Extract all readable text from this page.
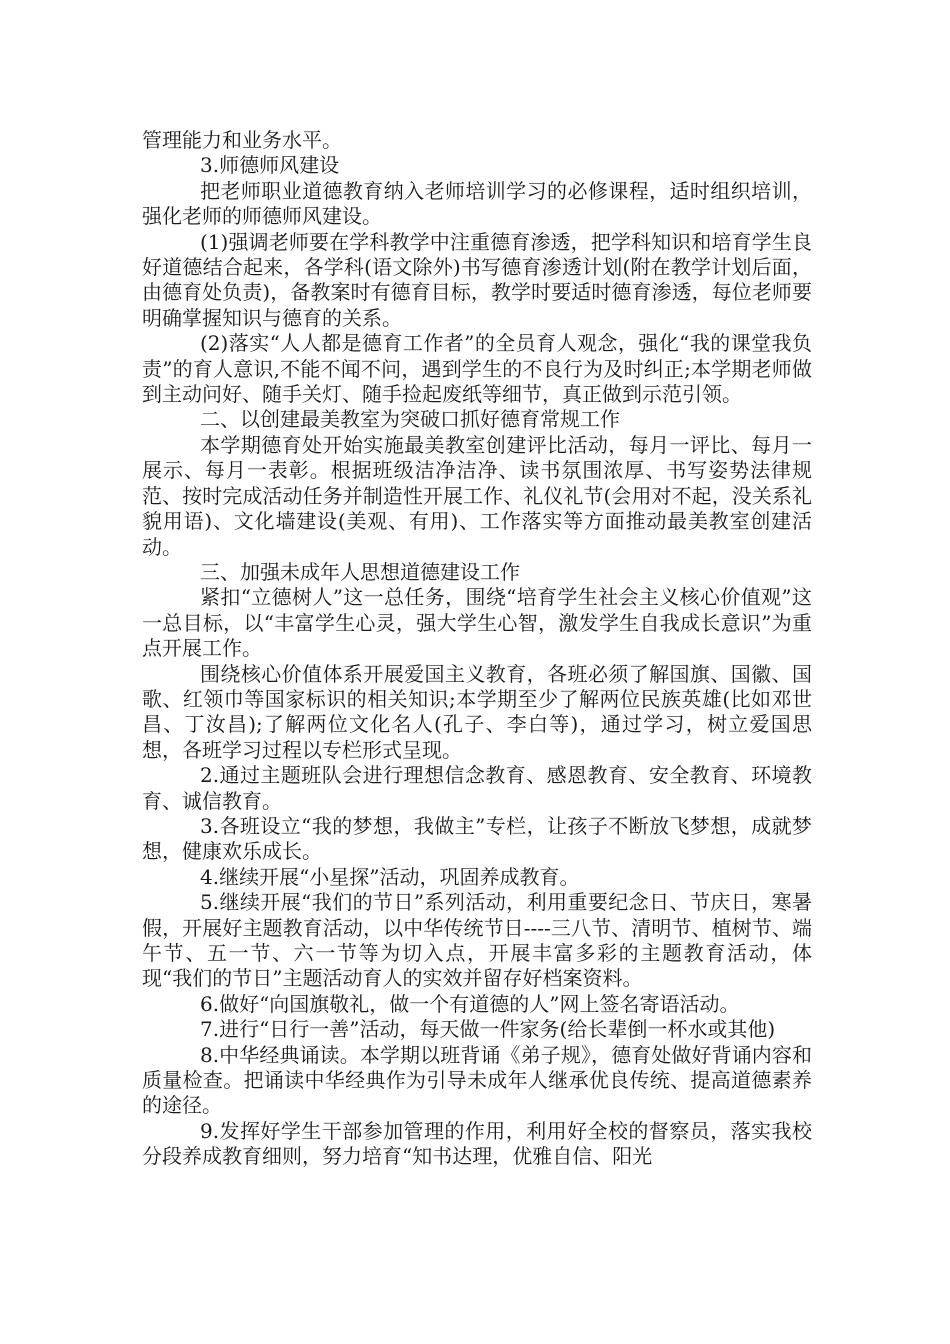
管理能力和业务水平。

3.师德师风建设

把老师职业道德教育纳入老师培训学习的必修课程，适时组织培训，强化老师的师德师风建设。

(1)强调老师要在学科教学中注重德育渗透，把学科知识和培育学生良好道德结合起来，各学科(语文除外)书写德育渗透计划(附在教学计划后面，由德育处负责)，备教案时有德育目标，教学时要适时德育渗透，每位老师要明确掌握知识与德育的关系。

(2)落实“人人都是德育工作者”的全员育人观念，强化“我的课堂我负责”的育人意识,不能不闻不问，遇到学生的不良行为及时纠正;本学期老师做到主动问好、随手关灯、随手捡起废纸等细节，真正做到示范引领。

二、以创建最美教室为突破口抓好德育常规工作

本学期德育处开始实施最美教室创建评比活动，每月一评比、每月一展示、每月一表彰。根据班级洁净洁净、读书氛围浓厚、书写姿势法律规范、按时完成活动任务并制造性开展工作、礼仪礼节(会用对不起，没关系礼貌用语)、文化墙建设(美观、有用)、工作落实等方面推动最美教室创建活动。

三、加强未成年人思想道德建设工作

紧扣“立德树人”这一总任务，围绕“培育学生社会主义核心价值观”这一总目标，以“丰富学生心灵，强大学生心智，激发学生自我成长意识”为重点开展工作。

围绕核心价值体系开展爱国主义教育，各班必须了解国旗、国徽、国歌、红领巾等国家标识的相关知识;本学期至少了解两位民族英雄(比如邓世昌、丁汝昌);了解两位文化名人(孔子、李白等)，通过学习，树立爱国思想，各班学习过程以专栏形式呈现。

2.通过主题班队会进行理想信念教育、感恩教育、安全教育、环境教育、诚信教育。

3.各班设立“我的梦想，我做主”专栏，让孩子不断放飞梦想，成就梦想，健康欢乐成长。

4.继续开展“小星探”活动，巩固养成教育。

5.继续开展“我们的节日”系列活动，利用重要纪念日、节庆日，寒暑假，开展好主题教育活动，以中华传统节日----三八节、清明节、植树节、端午节、五一节、六一节等为切入点，开展丰富多彩的主题教育活动，体现“我们的节日”主题活动育人的实效并留存好档案资料。

6.做好“向国旗敬礼，做一个有道德的人”网上签名寄语活动。

7.进行“日行一善”活动，每天做一件家务(给长辈倒一杯水或其他)

8.中华经典诵读。本学期以班背诵《弟子规》，德育处做好背诵内容和质量检查。把诵读中华经典作为引导未成年人继承优良传统、提高道德素养的途径。

9.发挥好学生干部参加管理的作用，利用好全校的督察员，落实我校分段养成教育细则，努力培育“知书达理，优雅自信、阳光
